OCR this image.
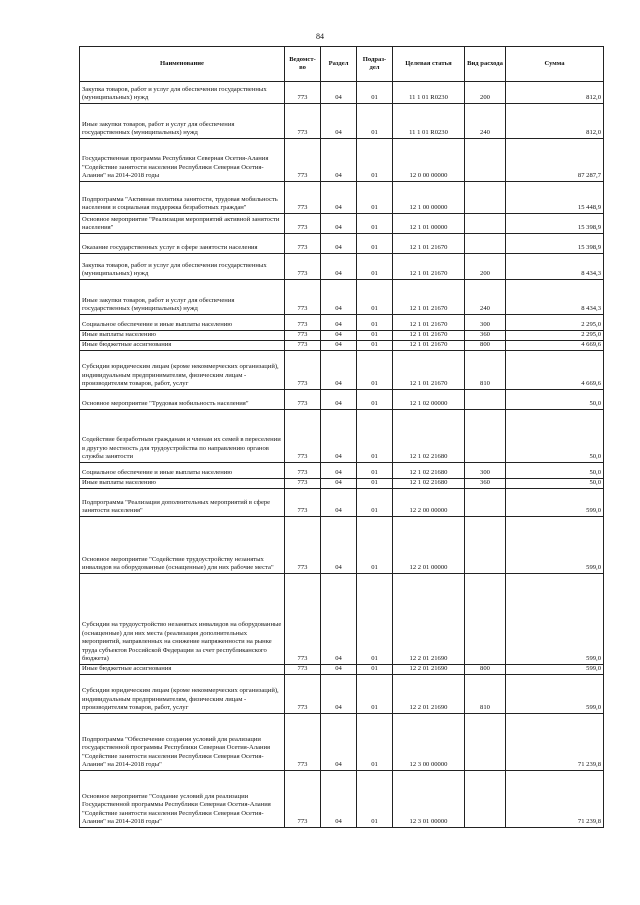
84
Наименование	Ведомст-во	Раздел	Подраз-дел	Целевая статья	Вид расхода	Сумма
Закупка товаров, работ и услуг для обеспечения государственных (муниципальных) нужд	773	04	01	11 1 01 R0230	200	812,0
Иные закупки товаров, работ и услуг для обеспечения государственных (муниципальных) нужд	773	04	01	11 1 01 R0230	240	812,0
Государственная программа Республики Северная Осетия-Алания "Содействие занятости населения Республики Северная Осетия-Алания" на 2014-2018 годы	773	04	01	12 0 00 00000		87 287,7
Подпрограмма "Активная политика занятости, трудовая мобильность населения и социальная поддержка безработных граждан"	773	04	01	12 1 00 00000		15 448,9
Основное мероприятие "Реализация мероприятий активной занятости населения"	773	04	01	12 1 01 00000		15 398,9
Оказание государственных услуг в сфере занятости населения	773	04	01	12 1 01 21670		15 398,9
Закупка товаров, работ и услуг для обеспечения государственных (муниципальных) нужд	773	04	01	12 1 01 21670	200	8 434,3
Иные закупки товаров, работ и услуг для обеспечения государственных (муниципальных) нужд	773	04	01	12 1 01 21670	240	8 434,3
Социальное обеспечение и иные выплаты населению	773	04	01	12 1 01 21670	300	2 295,0
Иные выплаты населению	773	04	01	12 1 01 21670	360	2 295,0
Иные бюджетные ассигнования	773	04	01	12 1 01 21670	800	4 669,6
Субсидии юридическим лицам (кроме некоммерческих организаций), индивидуальным предпринимателям, физическим лицам - производителям товаров, работ, услуг	773	04	01	12 1 01 21670	810	4 669,6
Основное мероприятие "Трудовая мобильность населения"	773	04	01	12 1 02 00000		50,0
Содействие безработным гражданам и членам их семей в переселении в другую местность для трудоустройства по направлению органов службы занятости	773	04	01	12 1 02 21680		50,0
Социальное обеспечение и иные выплаты населению	773	04	01	12 1 02 21680	300	50,0
Иные выплаты населению	773	04	01	12 1 02 21680	360	50,0
Подпрограмма "Реализация дополнительных мероприятий в сфере занятости населения"	773	04	01	12 2 00 00000		599,0
Основное мероприятие "Содействие трудоустройству незанятых инвалидов на оборудованные (оснащенные) для них рабочие места"	773	04	01	12 2 01 00000		599,0
Субсидии на трудоустройство незанятых инвалидов на оборудованные (оснащенные) для них места (реализация дополнительных мероприятий, направленных на снижение напряженности на рынке труда субъектов Российской Федерации за счет республиканского бюджета)	773	04	01	12 2 01 21690		599,0
Иные бюджетные ассигнования	773	04	01	12 2 01 21690	800	599,0
Субсидии юридическим лицам (кроме некоммерческих организаций), индивидуальным предпринимателям, физическим лицам - производителям товаров, работ, услуг	773	04	01	12 2 01 21690	810	599,0
Подпрограмма "Обеспечение создания условий для реализации государственной программы Республики Северная Осетия-Алания "Содействие занятости населения Республики Северная Осетия-Алания" на 2014-2018 годы"	773	04	01	12 3 00 00000		71 239,8
Основное мероприятие "Создание условий для реализации Государственной программы Республики Северная Осетия-Алания "Содействие занятости населения Республики Северная Осетия-Алания" на 2014-2018 годы"	773	04	01	12 3 01 00000		71 239,8
